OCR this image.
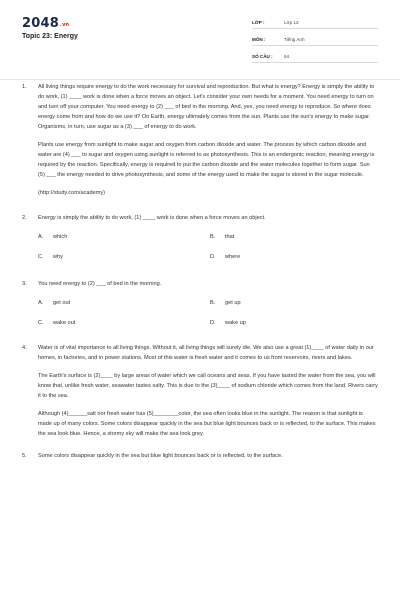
2048.vn
Topic 23: Energy
LỚP :	Lớp 12
MÔN :	Tiếng Anh
SỐ CÂU :	54
1.	All living things require energy to do the work necessary for survival and reproduction. But what is energy? Energy is simply the ability to do work, (1) ____ work is done when a force moves an object. Let's consider your own needs for a moment. You need energy to turn on and turn off your computer. You need energy to (2) ___ of bed in the morning. And, yes, you need energy to reproduce. So where does energy come from and how do we use it? On Earth, energy ultimately comes from the sun. Plants use the sun's energy to make sugar. Organisms, in turn, use sugar as a (3) ___ of energy to do work.

Plants use energy from sunlight to make sugar and oxygen from carbon dioxide and water. The process by which carbon dioxide and water are (4) ___ to sugar and oxygen using sunlight is referred to as photosynthesis. This is an endergonic reaction, meaning energy is required by the reaction. Specifically, energy is required to put the carbon dioxide and the water molecules together to form sugar. Sun (5) ___ the energy needed to drive photosynthesis, and some of the energy used to make the sugar is stored in the sugar molecule.

(http://study.com/academy)

2.	Energy is simply the ability to do work, (1) ____ work is done when a force moves an object.

A. which	B. that
C. why	D. where
3.	You need energy to (2) ___ of bed in the morning.

A. get out	B. get up
C. wake out	D. wake up
4.	Water is of vital importance to all living things. Without it, all living things will surely die. We also use a great (1)____ of water daily in our homes, in factories, and in power stations. Most of this water is fresh water and it comes to us from reservoirs, rivers and lakes.

The Earth's surface is (2)____ by large areas of water which we call oceans and seas. If you have tasted the water from the sea, you will know that, unlike fresh water, seawater tastes salty. This is due to the (3)____ of sodium chloride which comes from the land. Rivers carry it to the sea.

Although (4)______salt nor fresh water has (5)________color, the sea often looks blue in the sunlight. The reason is that sunlight is made up of many colors. Some colors disappear quickly in the sea but blue light bounces back or is reflected, to the surface. This makes the sea look blue. Hence, a stormy sky will make the sea look grey.

5.	Some colors disappear quickly in the sea but blue light bounces back or is reflected, to the surface.
